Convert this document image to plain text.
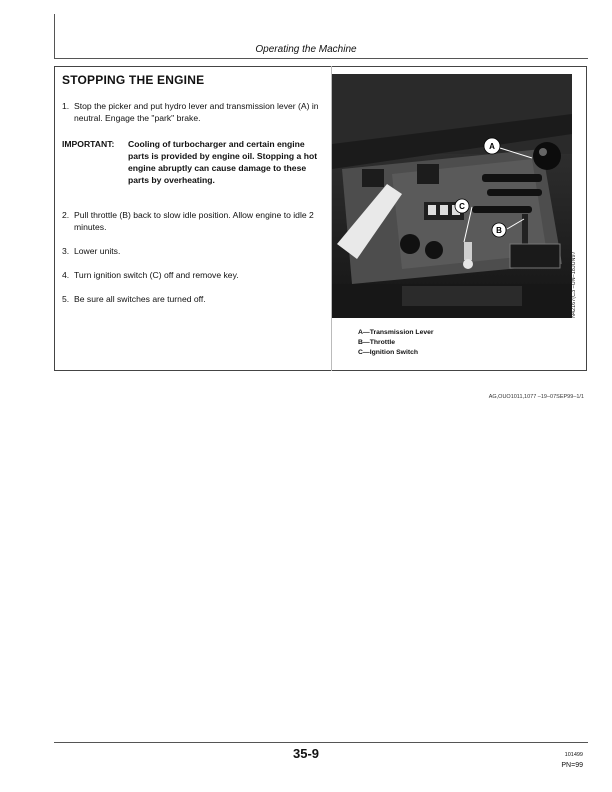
Operating the Machine
STOPPING THE ENGINE
1. Stop the picker and put hydro lever and transmission lever (A) in neutral. Engage the "park" brake.
IMPORTANT: Cooling of turbocharger and certain engine parts is provided by engine oil. Stopping a hot engine abruptly can cause damage to these parts by overheating.
2. Pull throttle (B) back to slow idle position. Allow engine to idle 2 minutes.
3. Lower units.
4. Turn ignition switch (C) off and remove key.
5. Be sure all switches are turned off.
A
C
B
N42167(C3 –UN–18JUN97
A—Transmission Lever
B—Throttle
C—Ignition Switch
AG,OUO1011,1077 –19–07SEP99–1/1
35-9	101499
PN=99
